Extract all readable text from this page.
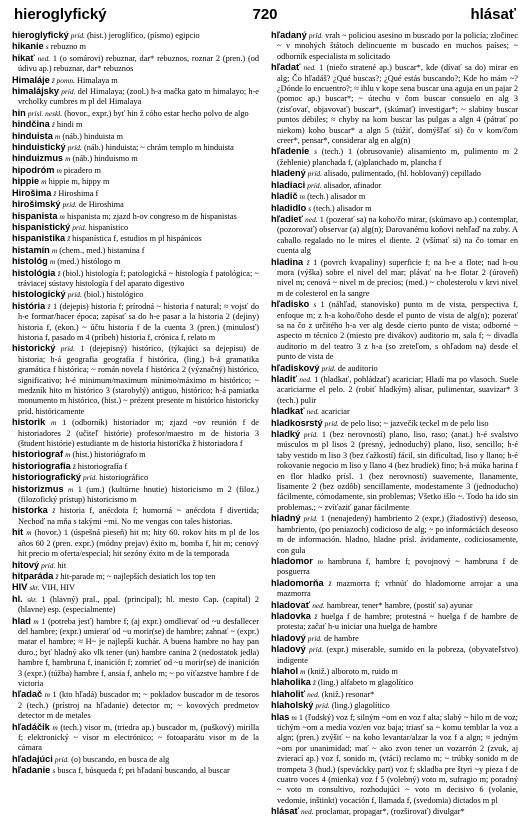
hieroglyfický	720	hlásať

hieroglyfický príd. (hist.) jeroglífico, (písmo) egipcio

hikanie s rebuzno m

hikať ned. 1 (o somárovi) rebuznar, dar* rebuznos, roznar 2 (pren.) (od údivu ap.) rebuznar, dar* rebuznos

Himaláje ž pomn. Himalaya m

himalájsky príd. del Himalaya; (zool.) h-a mačka gato m himalayo; h-e vrcholky cumbres m pl del Himalaya

hin prísl. neskl. (hovor., expr.) byť hin ž cóho estar hecho polvo de algo

hindčina ž hindi m

hinduista m (náb.) hinduista m

hinduistický príd. (náb.) hinduista; ~ chrám templo m hinduista

hinduizmus m (náb.) hinduismo m

hipodróm m picadero m

hippie m hippie m, hippy m

Hirošima ž Hiroshima f

hirošimský príd. de Hiroshima

hispanista m hispanista m; zjazd h-ov congreso m de hispanistas

hispanistický príd. hispanístico

hispanistika ž hispanística f, estudios m pl hispánicos

histamín m (chem., med.) histamina f

histológ m (med.) histólogo m

histológia ž (biol.) histología f; patologická ~ histología f patológica; ~ tráviacej sústavy histología f del aparato digestivo

histologický príd. (biol.) histológico

história ž 1 (dejepis) historia f; prírodná ~ historia f natural; ≈ vojsť do h-e formar/hacer época; zapísať sa do h-e pasar a la historia 2 (dejiny) historia f, (ekon.) ~ účtu historia f de la cuenta 3 (pren.) (minulosť) historia f, pasado m 4 (príbeh) historia f, crónica f, relato m

historický príd. 1 (dejepisný) histórico, (týkajúci sa dejepisu) de historia; h-á geografia geografía f histórica, (ling.) h-á gramatika gramática f histórica; ~ román novela f histórica 2 (význačný) histórico, significativo; h-é minimum/maximum mínimo/máximo m histórico; ~ medzník hito m histórico 3 (starobylý) antiguo, histórico; h-á pamiatka monumento m histórico, (hist.) ~ prézent presente m histórico historicky príd. históricamente

historik m 1 (odborník) historiador m; zjazd ~ov reunión f de historiadores 2 (učiteľ histórie) profesor/maestro m de historia 3 (študent histórie) estudiante m de historia historička ž historiadora f

historiograf m (hist.) historiógrafo m

historiografia ž historiografía f

historiografický príd. historiográfico

historizmus m 1 (um.) (kultúrne hnutie) historicismo m 2 (filoz.) (filozofický prístup) historicismo m

historka ž historia f, anécdota f; humorná ~ anécdota f divertida; Nechoď na mňa s takými ~mi. No me vengas con tales historias.

hit m (hovor.) 1 (úspešná pieseň) hit m; hity 60. rokov hits m pl de los años 60 2 (pren. expr.) (módny prejav) éxito m, bomba f, hit m; cenový hit precio m oferta/especial; hit sezóny éxito m de la temporada

hitový príd. hit

hitparáda ž hit-parade m; ~ najlepších desiatich los top ten

HIV skr. VIH, HIV

hl. skr. 1 (hlavný) pral., ppal. (principal); hl. mesto Cap. (capital) 2 (hlavne) esp. (especialmente)

hlad m 1 (potreba jesť) hambre f; (aj expr.) omdlievať od ~u desfallecer del hambre; (expr.) umierať od ~u morir(se) de hambre; zahnať ~ (expr.) matar el hambre; ≈ H~ je najlepší kuchár. A buena hambre no hay pan duro.; byť hladný ako vlk tener (un) hambre canina 2 (nedostatok jedla) hambre f, hambruna f, inanición f; zomrieť od ~u morir(se) de inanición 3 (expr.) (túžba) hambre f, ansia f, anhelo m; ~ po víťazstve hambre f de victoria

hľadač m 1 (kto hľadá) buscador m; ~ pokladov buscador m de tesoros 2 (tech.) (prístroj na hľadanie) detector m; ~ kovových predmetov detector m de metales

hľadáčik m (tech.) visor m, (triedra ap.) buscador m, (puškový) mirilla f; elektronický ~ visor m electrónico; ~ fotoaparátu visor m de la cámara

hľadajúci príd. (o) buscando, en busca de alg

hľadanie s busca f, búsqueda f; pri hľadaní buscando, al buscar

hľadaný príd. vrah ~ policiou asesino m buscado por la policía; zločinec ~ v mnohých štátoch delincuente m buscado en muchos países; ~ odborník especialista m solicitado

hľadať ned. 1 (niečo stratené ap.) buscar*, kde (dívať sa do) mirar en alg; Čo hľadáš? ¿Qué buscas?; ¿Qué estás buscando?; Kde ho mám ~? ¿Dónde lo encuentro?; ≈ ihlu v kope sena buscar una aguja en un pajar 2 (pomoc ap.) buscar*; ~ útechu v čom buscar consuelo en alg 3 (zisťovať, objavovať) buscar*, (skúmať) investigar*; ~ slabiny buscar puntos débiles; ≈ chyby na kom buscar las pulgas a algn 4 (pátrať po niekom) koho buscar* a algn 5 (túžiť, domýšľať si) čo v kom/čom creer*, pensar*, considerar alg en alg(n)

hľadenie s (tech.) 1 (obrusovanie) alisamiento m, pulimento m 2 (žehlenie) planchada f, (a)planchado m, plancha f

hladený príd. alisado, pulimentado, (hl. hoblovaný) cepillado

hladiaci príd. alisador, afinador

hladič m (tech.) alisador m

hladidlo s (tech.) alisador m

hľadieť ned. 1 (pozerať sa) na koho/čo mirar, (skúmavo ap.) contemplar, (pozorovať) observar (a) alg(n); Darovanému koňovi nehľaď na zuby. A caballo regalado no le mires el diente. 2 (všímať si) na čo tomar en cuenta alg

hladina ž 1 (povrch kvapaliny) superficie f; na h-e a flote; nad h-ou mora (výška) sobre el nivel del mar; plávať na h-e flotar 2 (úroveň) nivel m; cenová ~ nivel m de precios; (med.) ~ cholesterolu v krvi nivel m de colesterol en la sangre

hľadisko s 1 (náhľad, stanovisko) punto m de vista, perspectiva f, enfoque m; z h-a koho/čoho desde el punto de vista de alg(n); pozerať sa na čo z určitého h-a ver alg desde cierto punto de vista; odborné ~ aspecto m técnico 2 (miesto pre divákov) auditorio m, sala f; ~ divadla auditorio m del teatro 3 z h-a (so zreteľom, s ohľadom na) desde el punto de vista de

hľadiskový príd. de auditorio

hladiť ned. 1 (hladkať, pohládzať) acariciar; Hladí ma po vlasoch. Suele acariciarme el pelo. 2 (robiť hladkým) alisar, pulimentar, suavizar* 3 (tech.) pulir

hladkať ned. acariciar

hladkosrstý príd. de pelo liso; ~ jazvečík teckel m de pelo liso

hladký príd. 1 (bez nerovností) plano, liso, raso; (anat.) h-é svalstvo músculos m pl lisos 2 (presný, jednoduchý) plano, liso, sencillo; h-é taby vestido m liso 3 (bez ťažkostí) fácil, sin dificultad, liso y llano; h-é rokovanie negocio m liso y llano 4 (bez hrudiek) fino; h-á múka harina f en flor hladko prísl. 1 (bez nerovností) suavemente, llanamente, lisamente 2 (bez ozdôb) sencillamente, modestamente 3 (jednoducho) fácilmente, cómodamente, sin problemas; Všetko išlo ~. Todo ha ido sin problemas.; ~ zvíťaziť ganar fácilmente

hladný príd. 1 (nenajedený) hambriento 2 (expr.) (žiadostivý) deseoso, hambriento, (po peniazoch) codicioso de alg; ~ po informáciách deseoso m de información. hladno, hladne prísl. ávidamente, codiciosamente, con gula

hladomor m hambruna f, hambre f; povojnový ~ hambruna f de posguerra

hladomorňa ž mazmorra f; vrhnúť do hladomorne arrojar a una mazmorra

hladovať ned. hambrear, tener* hambre, (postiť sa) ayunar

hladovka ž huelga f de hambre; protestná ~ huelga f de hambre de protesta; začať h-u iniciar una huelga de hambre

hladový príd. de hambre

hladový príd. (expr.) miserable, sumido en la pobreza, (obyvateľstvo) indigente

hlahol m (kniž.) alboroto m, ruido m

hlaholika ž (ling.) alfabeto m glagolítico

hlaholiť ned. (kniž.) resonar*

hlaholský príd. (ling.) glagolítico

hlas m 1 (ľudský) voz f; silným ~om en voz f alta; slabý ~ hilo m de voz; tichým ~om a media voz/en voz baja; triasť sa ~ komu temblar la voz a algn; (pren.) zvýšiť ~ na koho levantar/alzar la voz f a algn; ≈ jedným ~om por unanimidad; mať ~ ako zvon tener un vozarrón 2 (zvuk, aj zvierací ap.) voz f, sonido m, (vtáci) reclamo m; ~ trúbky sonido m de trompeta 3 (hud.) (speváckky part) voz f; skladba pre štyri ~y pieza f de cuatro voces 4 (mienka) voz f 5 (volebný) voto m, sufragio m; poradný ~ voto m consultivo, rozhodujúci ~ voto m decisivo 6 (volanie, vedomie, inštinkt) vocación f, llamada f, (svedomia) dictados m pl

hlásať ned. proclamar, propagar*, (rozširovať) divulgar*
